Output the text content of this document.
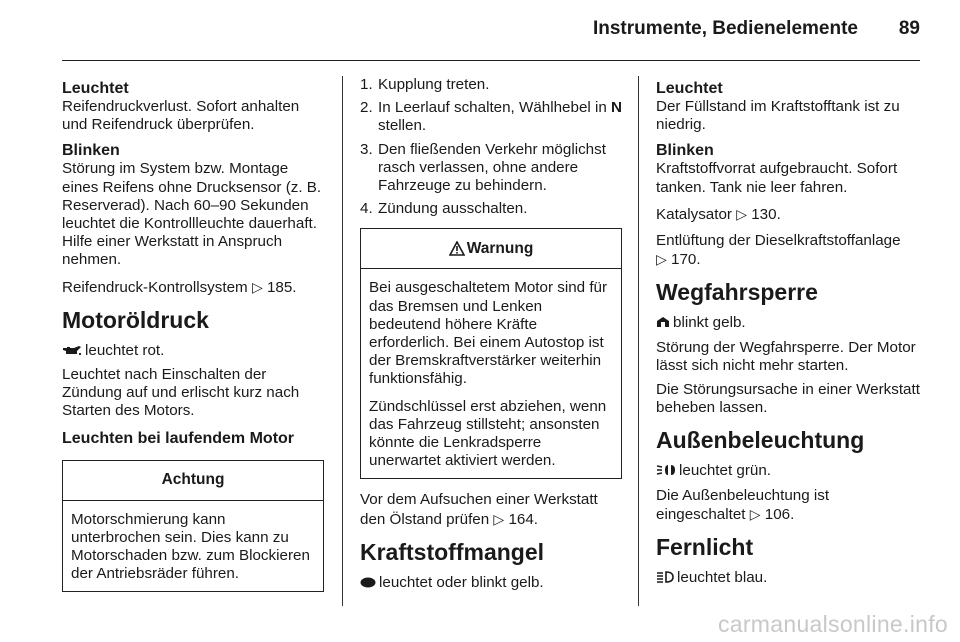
Instrumente, Bedienelemente 89
Leuchtet
Reifendruckverlust. Sofort anhalten und Reifendruck überprüfen.
Blinken
Störung im System bzw. Montage eines Reifens ohne Drucksensor (z. B. Reserverad). Nach 60–90 Sekunden leuchtet die Kontrollleuchte dauerhaft. Hilfe einer Werkstatt in Anspruch nehmen.
Reifendruck-Kontrollsystem ▷ 185.
Motoröldruck
leuchtet rot.
Leuchtet nach Einschalten der Zündung auf und erlischt kurz nach Starten des Motors.
Leuchten bei laufendem Motor
Achtung
Motorschmierung kann unterbrochen sein. Dies kann zu Motorschaden bzw. zum Blockieren der Antriebsräder führen.
1. Kupplung treten.
2. In Leerlauf schalten, Wählhebel in N stellen.
3. Den fließenden Verkehr möglichst rasch verlassen, ohne andere Fahrzeuge zu behindern.
4. Zündung ausschalten.
Warnung
Bei ausgeschaltetem Motor sind für das Bremsen und Lenken bedeutend höhere Kräfte erforderlich. Bei einem Autostop ist der Bremskraftverstärker weiterhin funktionsfähig.
Zündschlüssel erst abziehen, wenn das Fahrzeug stillsteht; ansonsten könnte die Lenkradsperre unerwartet aktiviert werden.
Vor dem Aufsuchen einer Werkstatt den Ölstand prüfen ▷ 164.
Kraftstoffmangel
leuchtet oder blinkt gelb.
Leuchtet
Der Füllstand im Kraftstofftank ist zu niedrig.
Blinken
Kraftstoffvorrat aufgebraucht. Sofort tanken. Tank nie leer fahren.
Katalysator ▷ 130.
Entlüftung der Dieselkraftstoffanlage
▷ 170.
Wegfahrsperre
blinkt gelb.
Störung der Wegfahrsperre. Der Motor lässt sich nicht mehr starten.
Die Störungsursache in einer Werkstatt beheben lassen.
Außenbeleuchtung
leuchtet grün.
Die Außenbeleuchtung ist eingeschaltet ▷ 106.
Fernlicht
leuchtet blau.
carmanualsonline.info
